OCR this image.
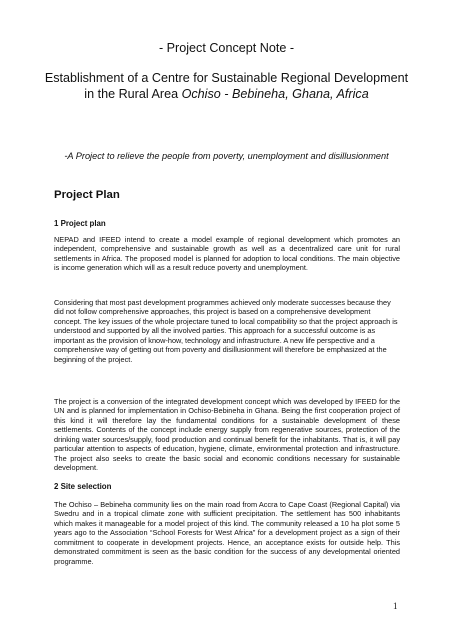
- Project Concept Note -
Establishment of a Centre for Sustainable Regional Development in the Rural Area Ochiso - Bebineha, Ghana, Africa
-A Project to relieve the people from poverty, unemployment and disillusionment
Project Plan
1 Project plan
NEPAD and IFEED intend to create a model example of regional development which promotes an independent, comprehensive and sustainable growth as well as a decentralized care unit for rural settlements in Africa. The proposed model is planned for adoption to local conditions. The main objective is income generation which will as a result reduce poverty and unemployment.
Considering that most past development programmes achieved only moderate successes because they did not follow comprehensive approaches, this project is based on a comprehensive development concept. The key issues of the whole projectare tuned to local compatibility so that the project approach is understood and supported by all the involved parties. This approach for a successful outcome is as important as the provision of know-how, technology and infrastructure. A new life perspective and a comprehensive way of getting out from poverty and disillusionment will therefore be emphasized at the beginning of the project.
The project is a conversion of the integrated development concept which was developed by IFEED for the UN and is planned for implementation in Ochiso-Bebineha in Ghana. Being the first cooperation project of this kind it will therefore lay the fundamental conditions for a sustainable development of these settlements. Contents of the concept include energy supply from regenerative sources, protection of the drinking water sources/supply, food production and continual benefit for the inhabitants. That is, it will pay particular attention to aspects of education, hygiene, climate, environmental protection and infrastructure. The project also seeks to create the basic social and economic conditions necessary for sustainable development.
2 Site selection
The Ochiso – Bebineha community lies on the main road from Accra to Cape Coast (Regional Capital) via Swedru and in a tropical climate zone with sufficient precipitation. The settlement has 500 inhabitants which makes it manageable for a model project of this kind. The community released a 10 ha plot some 5 years ago to the Association “School Forests for West Africa” for a development project as a sign of their commitment to cooperate in development projects. Hence, an acceptance exists for outside help. This demonstrated commitment is seen as the basic condition for the success of any developmental oriented programme.
1
